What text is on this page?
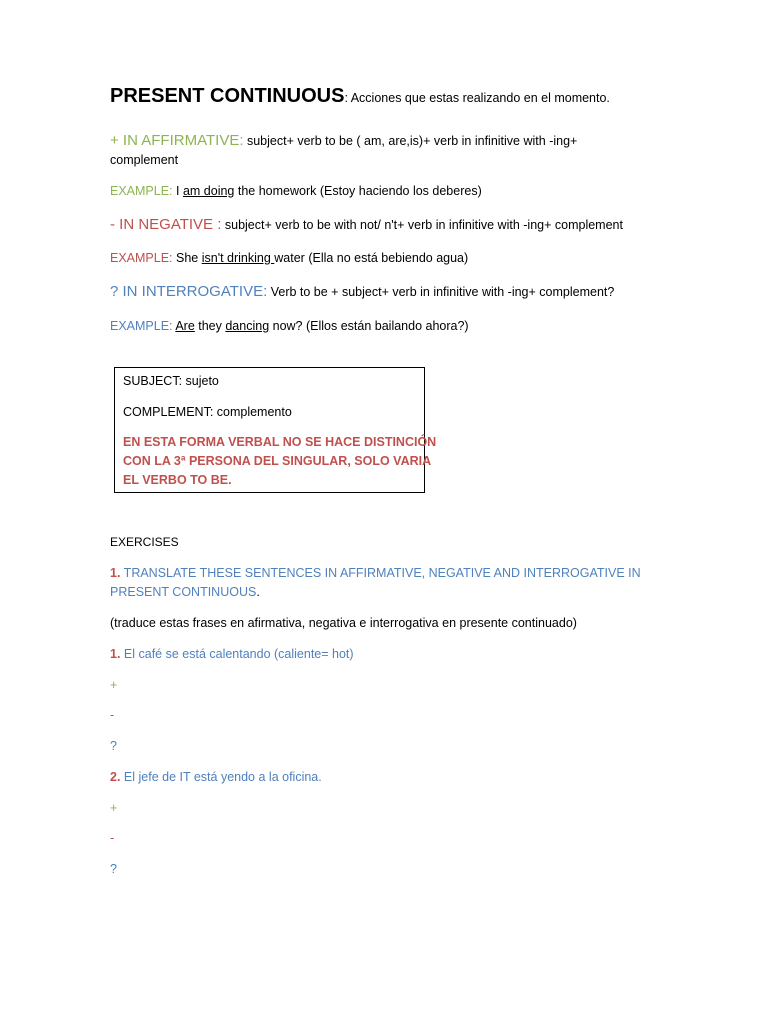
PRESENT CONTINUOUS: Acciones que estas realizando en el momento.
+ IN AFFIRMATIVE: subject+ verb to be ( am, are,is)+ verb in infinitive with -ing+
complement
EXAMPLE: I am doing the homework (Estoy haciendo los deberes)
- IN NEGATIVE : subject+ verb to be with not/ n't+ verb in infinitive with -ing+ complement
EXAMPLE: She isn't drinking water (Ella no está bebiendo agua)
? IN INTERROGATIVE: Verb to be + subject+ verb in infinitive with -ing+ complement?
EXAMPLE: Are they dancing now? (Ellos están bailando ahora?)
SUBJECT: sujeto
COMPLEMENT: complemento
EN ESTA FORMA VERBAL NO SE HACE DISTINCIÓN
CON LA 3ª PERSONA DEL SINGULAR, SOLO VARIA
EL VERBO TO BE.
EXERCISES
1. TRANSLATE THESE SENTENCES IN AFFIRMATIVE, NEGATIVE AND INTERROGATIVE IN
PRESENT CONTINUOUS.
(traduce estas frases en afirmativa, negativa e interrogativa en presente continuado)
1. El café se está calentando (caliente= hot)
+
-
?
2. El jefe de IT está yendo a la oficina.
+
-
?
